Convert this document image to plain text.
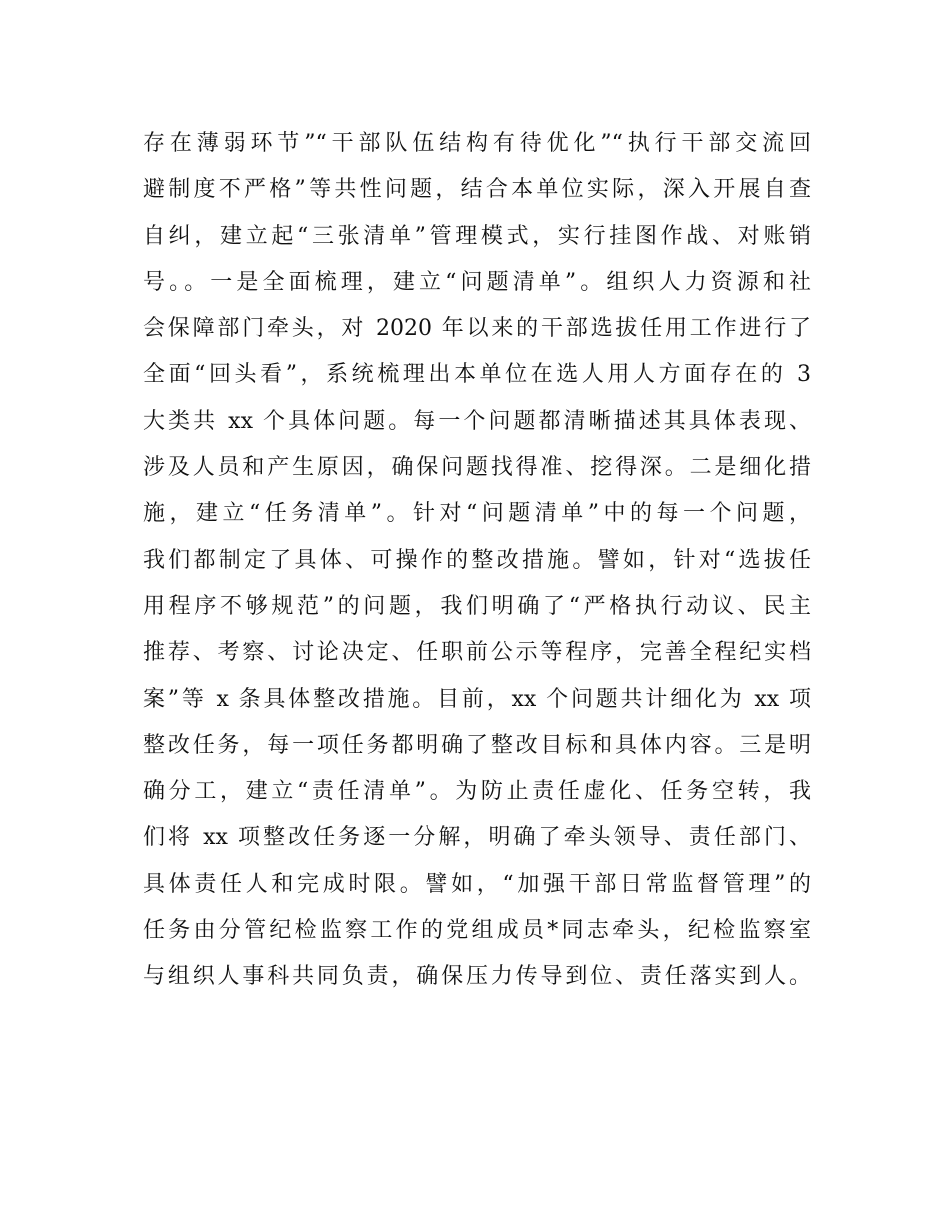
存在薄弱环节”“干部队伍结构有待优化”“执行干部交流回
避制度不严格”等共性问题，结合本单位实际，深入开展自查
自纠，建立起“三张清单”管理模式，实行挂图作战、对账销
号。。一是全面梳理，建立“问题清单”。组织人力资源和社
会保障部门牵头，对 2020 年以来的干部选拔任用工作进行了
全面“回头看”，系统梳理出本单位在选人用人方面存在的 3
大类共 xx 个具体问题。每一个问题都清晰描述其具体表现、
涉及人员和产生原因，确保问题找得准、挖得深。二是细化措
施，建立“任务清单”。针对“问题清单”中的每一个问题，
我们都制定了具体、可操作的整改措施。譬如，针对“选拔任
用程序不够规范”的问题，我们明确了“严格执行动议、民主
推荐、考察、讨论决定、任职前公示等程序，完善全程纪实档
案”等 x 条具体整改措施。目前，xx 个问题共计细化为 xx 项
整改任务，每一项任务都明确了整改目标和具体内容。三是明
确分工，建立“责任清单”。为防止责任虚化、任务空转，我
们将 xx 项整改任务逐一分解，明确了牵头领导、责任部门、
具体责任人和完成时限。譬如，“加强干部日常监督管理”的
任务由分管纪检监察工作的党组成员*同志牵头，纪检监察室
与组织人事科共同负责，确保压力传导到位、责任落实到人。
